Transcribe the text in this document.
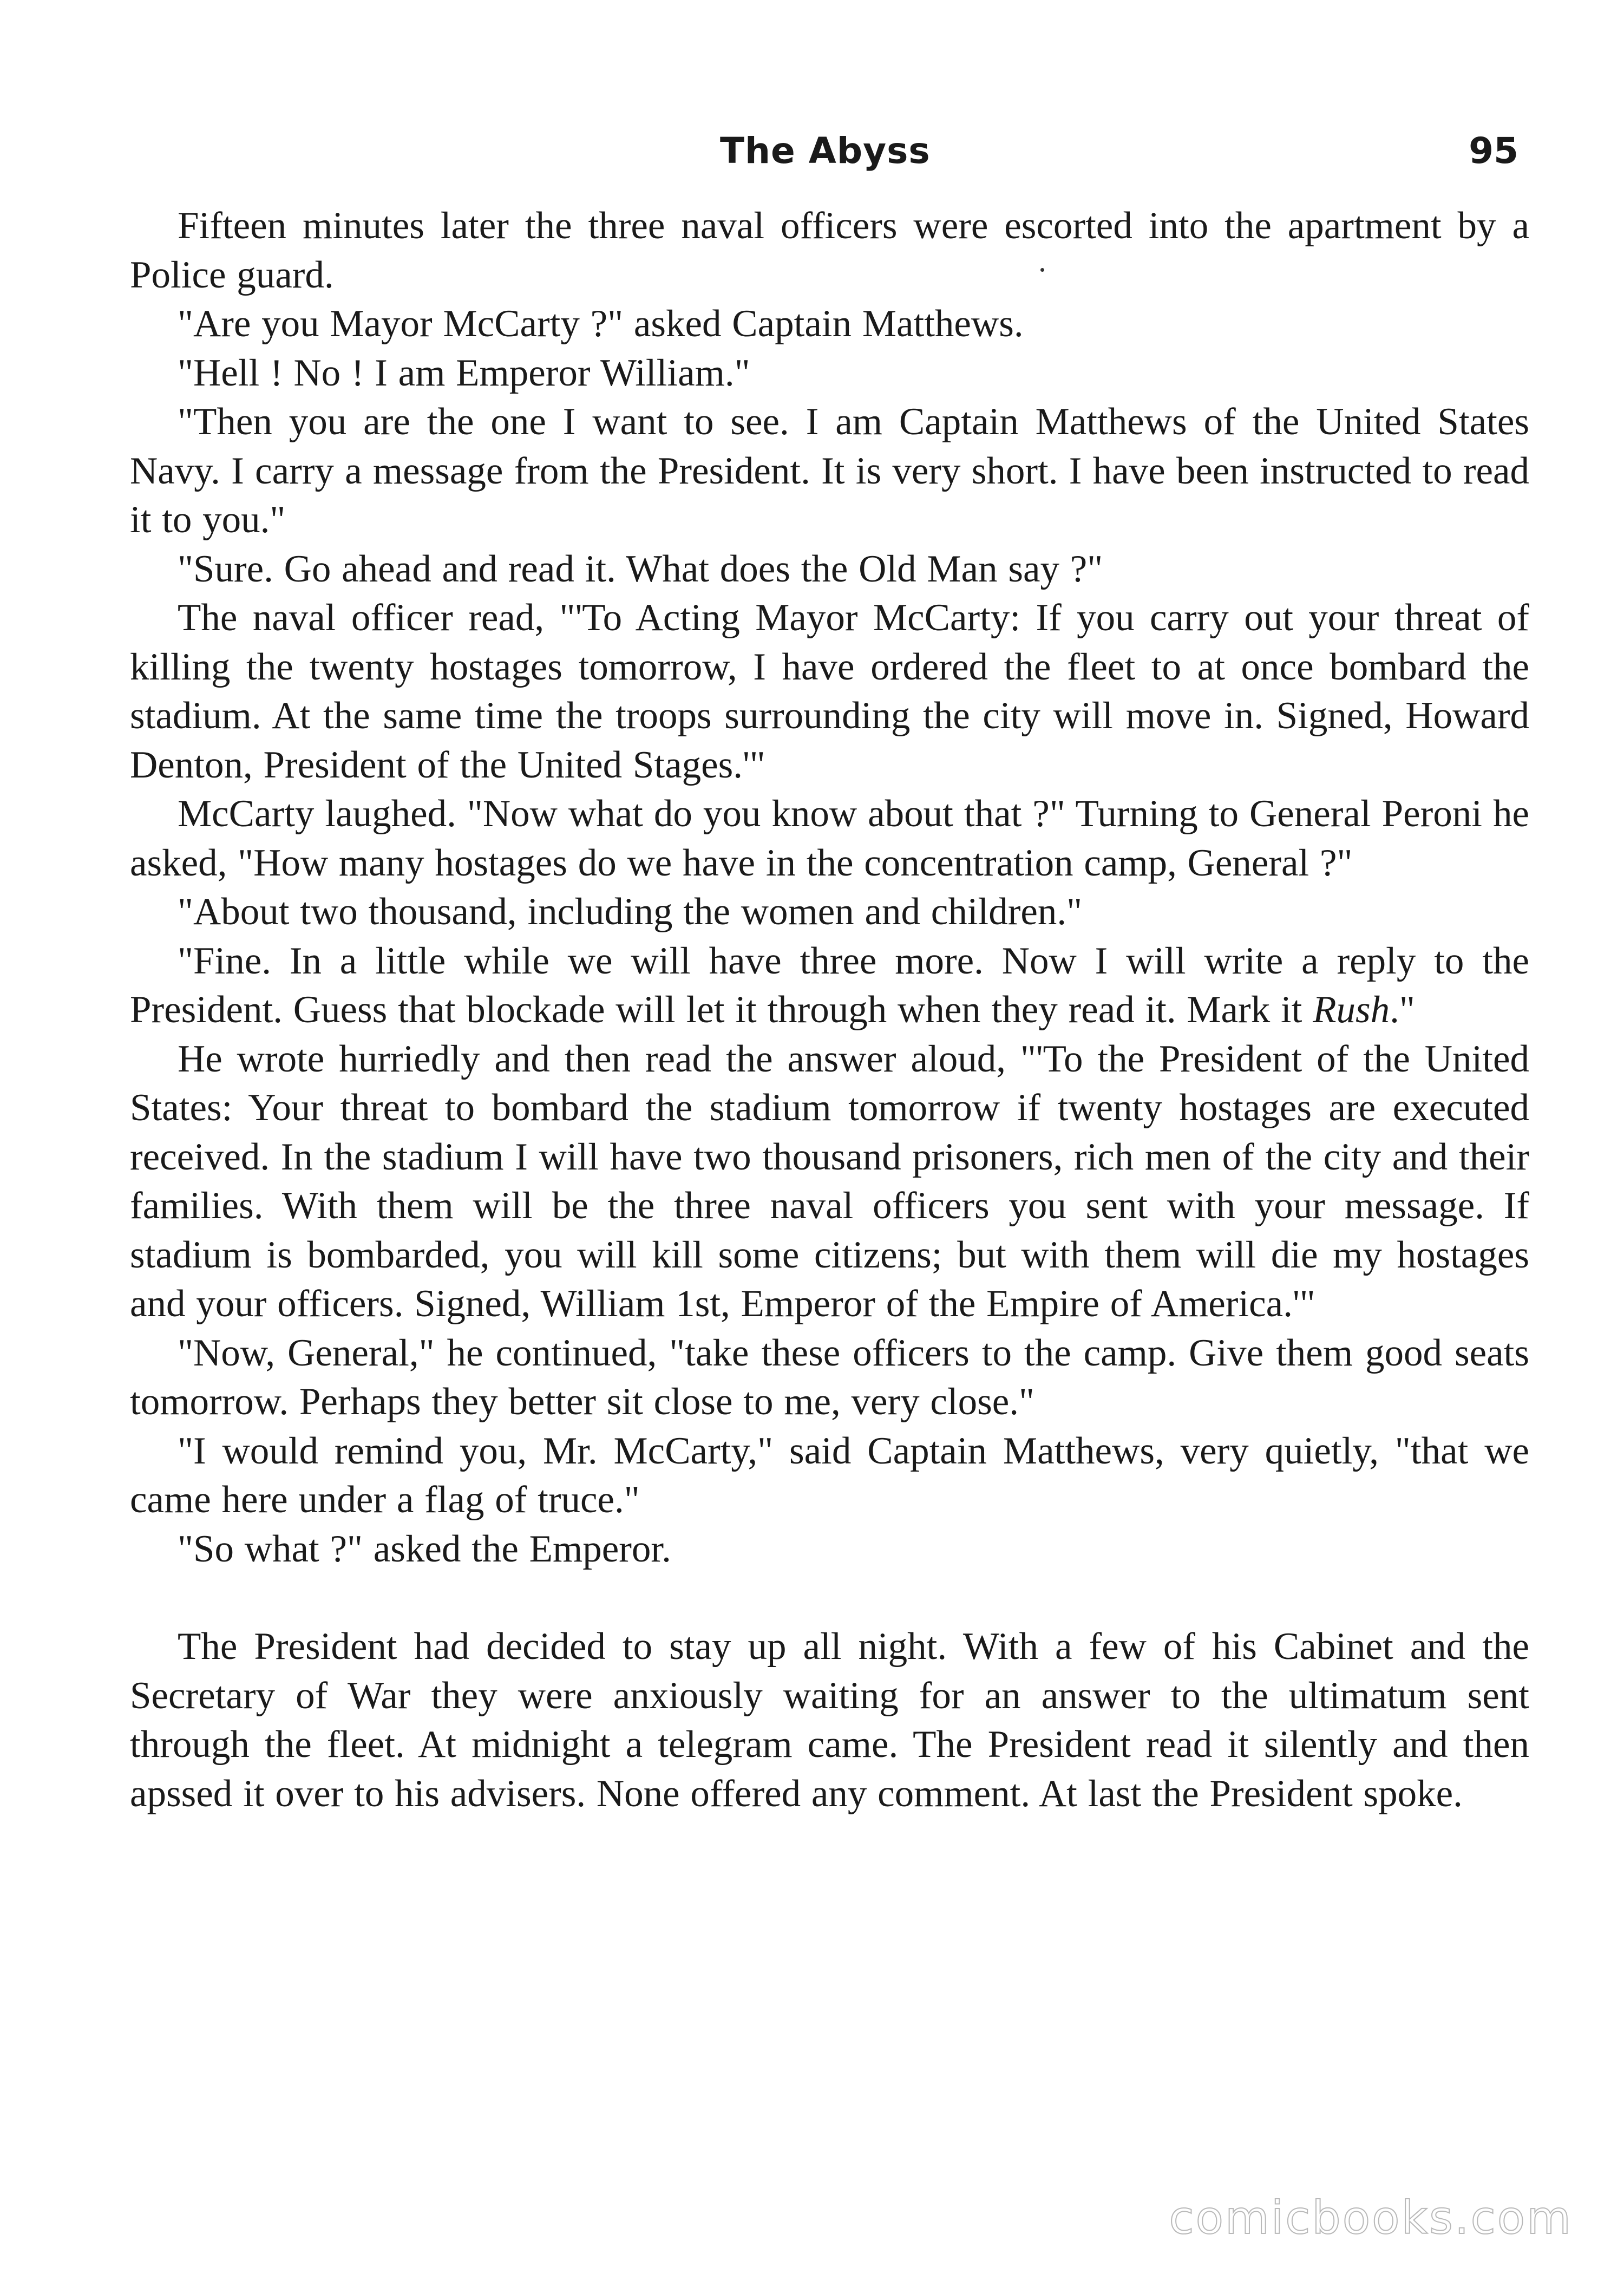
The Abyss	95

Fifteen minutes later the three naval officers were escorted into the apartment by a Police guard.

"Are you Mayor McCarty ?" asked Captain Matthews.

"Hell ! No ! I am Emperor William."

"Then you are the one I want to see. I am Captain Matthews of the United States Navy. I carry a message from the President. It is very short. I have been instructed to read it to you."

"Sure. Go ahead and read it. What does the Old Man say ?"

The naval officer read, "'To Acting Mayor McCarty: If you carry out your threat of killing the twenty hostages tomorrow, I have ordered the fleet to at once bombard the stadium. At the same time the troops surrounding the city will move in. Signed, Howard Denton, President of the United Stages.'"

McCarty laughed. "Now what do you know about that ?" Turning to General Peroni he asked, "How many hostages do we have in the concentration camp, General ?"

"About two thousand, including the women and children."

"Fine. In a little while we will have three more. Now I will write a reply to the President. Guess that blockade will let it through when they read it. Mark it Rush."

He wrote hurriedly and then read the answer aloud, "'To the President of the United States: Your threat to bombard the stadium tomorrow if twenty hostages are executed received. In the stadium I will have two thousand prisoners, rich men of the city and their families. With them will be the three naval officers you sent with your message. If stadium is bombarded, you will kill some citizens; but with them will die my hostages and your officers. Signed, William 1st, Emperor of the Empire of America.'"

"Now, General," he continued, "take these officers to the camp. Give them good seats tomorrow. Perhaps they better sit close to me, very close."

"I would remind you, Mr. McCarty," said Captain Matthews, very quietly, "that we came here under a flag of truce."

"So what ?" asked the Emperor.

The President had decided to stay up all night. With a few of his Cabinet and the Secretary of War they were anxiously waiting for an answer to the ultimatum sent through the fleet. At midnight a telegram came. The President read it silently and then apssed it over to his advisers. None offered any comment. At last the President spoke.

comicbooks.com
